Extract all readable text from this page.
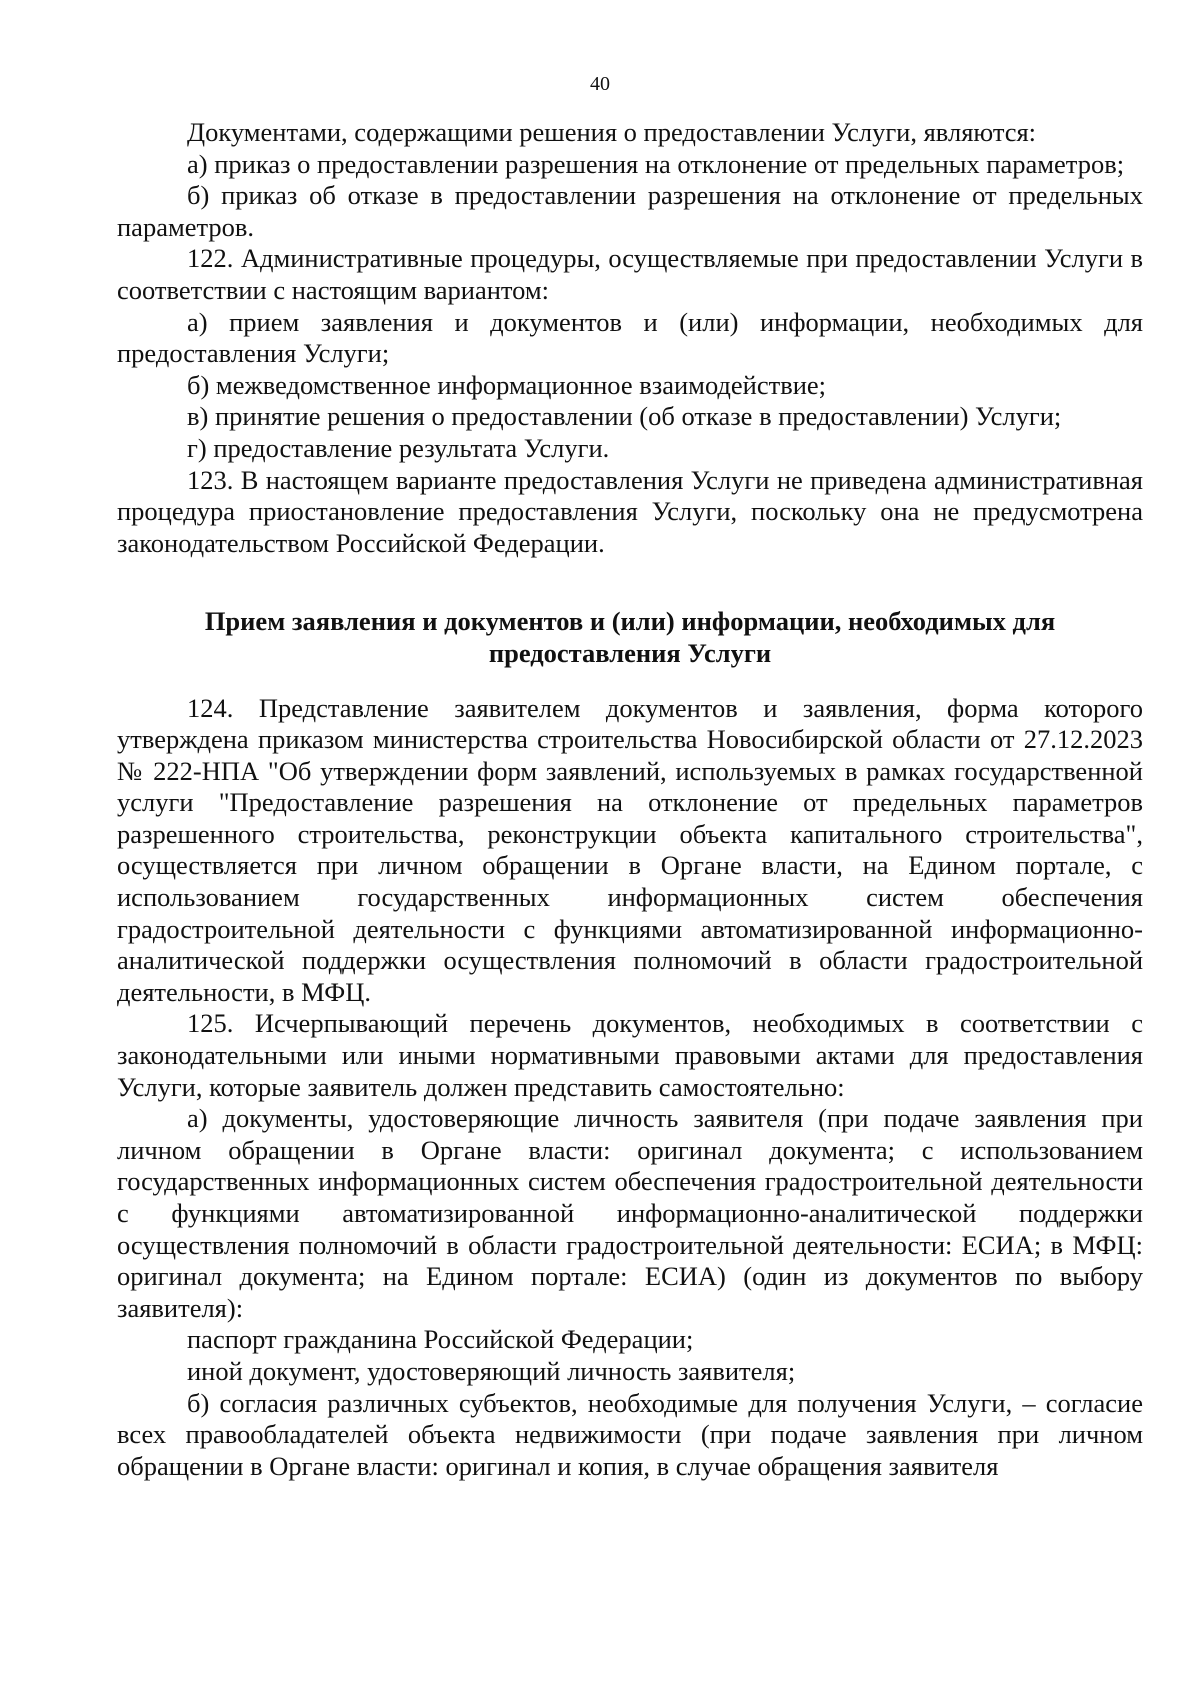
40

Документами, содержащими решения о предоставлении Услуги, являются:

а) приказ о предоставлении разрешения на отклонение от предельных параметров;

б) приказ об отказе в предоставлении разрешения на отклонение от предельных параметров.

122. Административные процедуры, осуществляемые при предоставлении Услуги в соответствии с настоящим вариантом:

а) прием заявления и документов и (или) информации, необходимых для предоставления Услуги;

б) межведомственное информационное взаимодействие;

в) принятие решения о предоставлении (об отказе в предоставлении) Услуги;

г) предоставление результата Услуги.

123. В настоящем варианте предоставления Услуги не приведена административная процедура приостановление предоставления Услуги, поскольку она не предусмотрена законодательством Российской Федерации.

Прием заявления и документов и (или) информации, необходимых для предоставления Услуги

124. Представление заявителем документов и заявления, форма которого утверждена приказом министерства строительства Новосибирской области от 27.12.2023 № 222-НПА "Об утверждении форм заявлений, используемых в рамках государственной услуги "Предоставление разрешения на отклонение от предельных параметров разрешенного строительства, реконструкции объекта капитального строительства", осуществляется при личном обращении в Органе власти, на Едином портале, с использованием государственных информационных систем обеспечения градостроительной деятельности с функциями автоматизированной информационно-аналитической поддержки осуществления полномочий в области градостроительной деятельности, в МФЦ.

125. Исчерпывающий перечень документов, необходимых в соответствии с законодательными или иными нормативными правовыми актами для предоставления Услуги, которые заявитель должен представить самостоятельно:

а) документы, удостоверяющие личность заявителя (при подаче заявления при личном обращении в Органе власти: оригинал документа; с использованием государственных информационных систем обеспечения градостроительной деятельности с функциями автоматизированной информационно-аналитической поддержки осуществления полномочий в области градостроительной деятельности: ЕСИА; в МФЦ: оригинал документа; на Едином портале: ЕСИА) (один из документов по выбору заявителя):

паспорт гражданина Российской Федерации;

иной документ, удостоверяющий личность заявителя;

б) согласия различных субъектов, необходимые для получения Услуги, – согласие всех правообладателей объекта недвижимости (при подаче заявления при личном обращении в Органе власти: оригинал и копия, в случае обращения заявителя
